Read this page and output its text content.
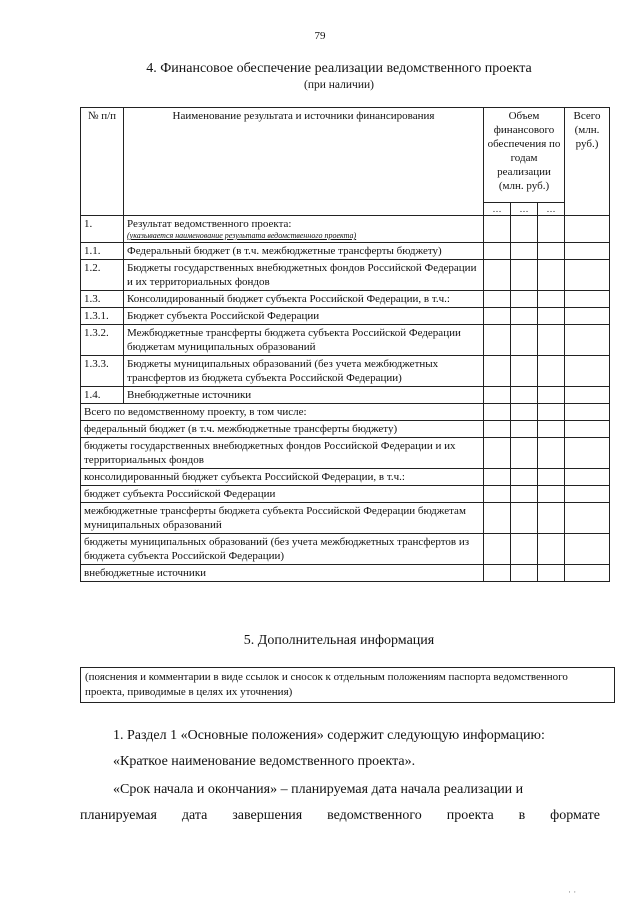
79
4. Финансовое обеспечение реализации ведомственного проекта
(при наличии)
№ п/п	Наименование результата и источники финансирования	Объем финансового обеспечения по годам реализации (млн. руб.)			Всего (млн. руб.)
		…	…	…	
1.	Результат ведомственного проекта:
(указывается наименование результата ведомственного проекта)				

1.1.	Федеральный бюджет (в т.ч. межбюджетные трансферты бюджету)				
1.2.	Бюджеты государственных внебюджетных фондов Российской Федерации и их территориальных фондов				
1.3.	Консолидированный бюджет субъекта Российской Федерации, в т.ч.:				
1.3.1.	Бюджет субъекта Российской Федерации				
1.3.2.	Межбюджетные трансферты бюджета субъекта Российской Федерации бюджетам муниципальных образований				
1.3.3.	Бюджеты муниципальных образований (без учета межбюджетных трансфертов из бюджета субъекта Российской Федерации)				
1.4.	Внебюджетные источники				
Всего по ведомственному проекту, в том числе:					
федеральный бюджет (в т.ч. межбюджетные трансферты бюджету)					
бюджеты государственных внебюджетных фондов Российской Федерации и их территориальных фондов					
консолидированный бюджет субъекта Российской Федерации, в т.ч.:					
бюджет субъекта Российской Федерации					
межбюджетные трансферты бюджета субъекта Российской Федерации бюджетам муниципальных образований					
бюджеты муниципальных образований (без учета межбюджетных трансфертов из бюджета субъекта Российской Федерации)					
внебюджетные источники					
5. Дополнительная информация
(пояснения и комментарии в виде ссылок и сносок к отдельным положениям паспорта ведомственного проекта, приводимые в целях их уточнения)
1. Раздел 1 «Основные положения» содержит следующую информацию:
«Краткое наименование ведомственного проекта».
«Срок начала и окончания» – планируемая дата начала реализации и
планируемая дата завершения ведомственного проекта в формате
· ·
